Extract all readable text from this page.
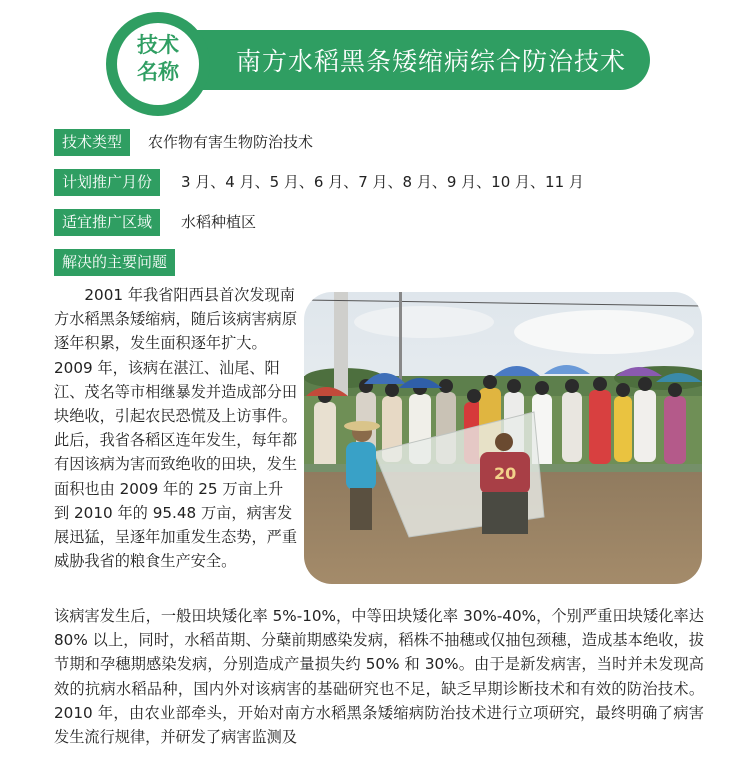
南方水稻黑条矮缩病综合防治技术
技术
名称
技术类型	农作物有害生物防治技术
计划推广月份	3 月、4 月、5 月、6 月、7 月、8 月、9 月、10 月、11 月
适宜推广区域	水稻种植区
解决的主要问题
　　2001 年我省阳西县首次发现南方水稻黑条矮缩病，随后该病害病原逐年积累，发生面积逐年扩大。2009 年，该病在湛江、汕尾、阳江、茂名等市相继暴发并造成部分田块绝收，引起农民恐慌及上访事件。此后，我省各稻区连年发生，每年都有因该病为害而致绝收的田块，发生面积也由 2009 年的 25 万亩上升到 2010 年的 95.48 万亩，病害发展迅猛，呈逐年加重发生态势，严重威胁我省的粮食生产安全。
20
该病害发生后，一般田块矮化率 5%-10%，中等田块矮化率 30%-40%，个别严重田块矮化率达 80% 以上，同时，水稻苗期、分蘖前期感染发病，稻株不抽穗或仅抽包颈穗，造成基本绝收，拔节期和孕穗期感染发病，分别造成产量损失约 50% 和 30%。由于是新发病害，当时并未发现高效的抗病水稻品种，国内外对该病害的基础研究也不足，缺乏早期诊断技术和有效的防治技术。2010 年，由农业部牵头，开始对南方水稻黑条矮缩病防治技术进行立项研究，最终明确了病害发生流行规律，并研发了病害监测及
